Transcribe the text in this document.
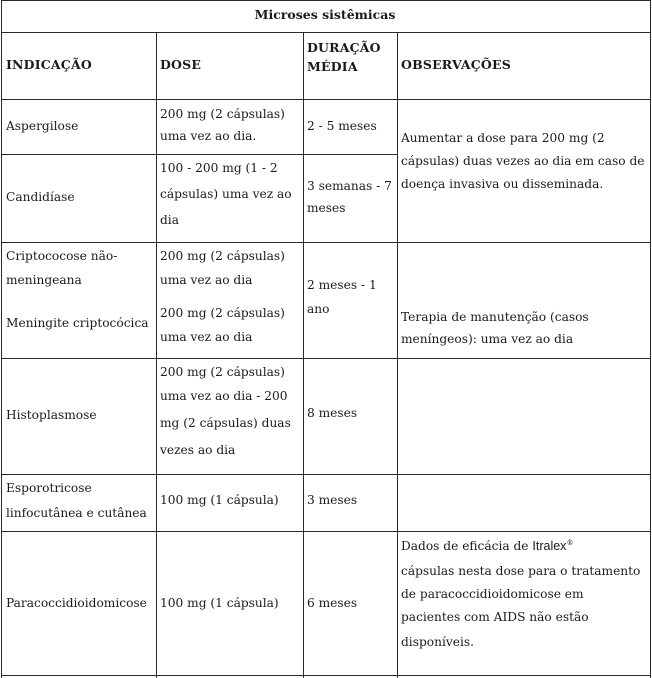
Microses sistêmicas
INDICAÇÃO	DOSE
DURAÇÃO
MÉDIA	OBSERVAÇÕES
Aspergilose
200 mg (2 cápsulas)
uma vez ao dia.
2 - 5 meses
Aumentar a dose para 200 mg (2
cápsulas) duas vezes ao dia em caso de
doença invasiva ou disseminada.
Candidíase
100 - 200 mg (1 - 2
cápsulas) uma vez ao
dia
3 semanas - 7
meses
Criptococose não-
meningeana
Meningite criptocócica
200 mg (2 cápsulas)
uma vez ao dia
200 mg (2 cápsulas)
uma vez ao dia
2 meses - 1
ano
Terapia de manutenção (casos
meníngeos): uma vez ao dia
Histoplasmose
200 mg (2 cápsulas)
uma vez ao dia - 200
mg (2 cápsulas) duas
vezes ao dia
8 meses
Esporotricose
linfocutânea e cutânea
100 mg (1 cápsula) 3 meses
Paracoccidioidomicose 100 mg (1 cápsula) 6 meses
Dados de eficácia de Itralex®
cápsulas nesta dose para o tratamento
de paracoccidioidomicose em
pacientes com AIDS não estão
disponíveis.
